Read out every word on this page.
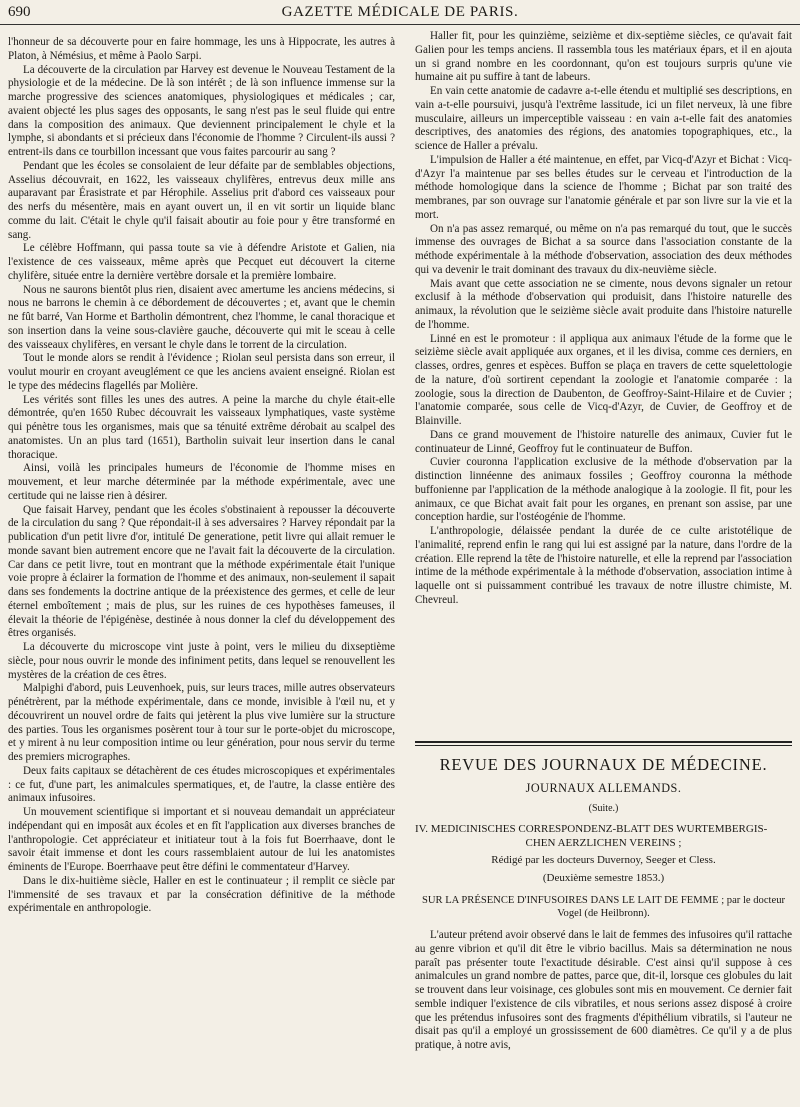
690	GAZETTE MÉDICALE DE PARIS.

l'honneur de sa découverte pour en faire hommage, les uns à Hippocrate, les autres à Platon, à Némésius, et même à Paolo Sarpi.

La découverte de la circulation par Harvey est devenue le Nouveau Testament de la physiologie et de la médecine. De là son intérêt ; de là son influence immense sur la marche progressive des sciences anatomiques, physiologiques et médicales ; car, avaient objecté les plus sages des opposants, le sang n'est pas le seul fluide qui entre dans la composition des animaux. Que deviennent principalement le chyle et la lymphe, si abondants et si précieux dans l'économie de l'homme ? Circulent-ils aussi ? entrent-ils dans ce tourbillon incessant que vous faites parcourir au sang ?

Pendant que les écoles se consolaient de leur défaite par de semblables objections, Asselius découvrait, en 1622, les vaisseaux chylifères, entrevus deux mille ans auparavant par Érasistrate et par Hérophile. Asselius prit d'abord ces vaisseaux pour des nerfs du mésentère, mais en ayant ouvert un, il en vit sortir un liquide blanc comme du lait. C'était le chyle qu'il faisait aboutir au foie pour y être transformé en sang.

Le célèbre Hoffmann, qui passa toute sa vie à défendre Aristote et Galien, nia l'existence de ces vaisseaux, même après que Pecquet eut découvert la citerne chylifère, située entre la dernière vertèbre dorsale et la première lombaire.

Nous ne saurons bientôt plus rien, disaient avec amertume les anciens médecins, si nous ne barrons le chemin à ce débordement de découvertes ; et, avant que le chemin ne fût barré, Van Horme et Bartholin démontrent, chez l'homme, le canal thoracique et son insertion dans la veine sous-clavière gauche, découverte qui mit le sceau à celle des vaisseaux chylifères, en versant le chyle dans le torrent de la circulation.

Tout le monde alors se rendit à l'évidence ; Riolan seul persista dans son erreur, il voulut mourir en croyant aveuglément ce que les anciens avaient enseigné. Riolan est le type des médecins flagellés par Molière.

Les vérités sont filles les unes des autres. A peine la marche du chyle était-elle démontrée, qu'en 1650 Rubec découvrait les vaisseaux lymphatiques, vaste système qui pénètre tous les organismes, mais que sa ténuité extrême dérobait au scalpel des anatomistes. Un an plus tard (1651), Bartholin suivait leur insertion dans le canal thoracique.

Ainsi, voilà les principales humeurs de l'économie de l'homme mises en mouvement, et leur marche déterminée par la méthode expérimentale, avec une certitude qui ne laisse rien à désirer.

Que faisait Harvey, pendant que les écoles s'obstinaient à repousser la découverte de la circulation du sang ? Que répondait-il à ses adversaires ? Harvey répondait par la publication d'un petit livre d'or, intitulé De generatione, petit livre qui allait remuer le monde savant bien autrement encore que ne l'avait fait la découverte de la circulation. Car dans ce petit livre, tout en montrant que la méthode expérimentale était l'unique voie propre à éclairer la formation de l'homme et des animaux, non-seulement il sapait dans ses fondements la doctrine antique de la préexistence des germes, et celle de leur éternel emboîtement ; mais de plus, sur les ruines de ces hypothèses fameuses, il élevait la théorie de l'épigénèse, destinée à nous donner la clef du développement des êtres organisés.

La découverte du microscope vint juste à point, vers le milieu du dixseptième siècle, pour nous ouvrir le monde des infiniment petits, dans lequel se renouvellent les mystères de la création de ces êtres.

Malpighi d'abord, puis Leuvenhoek, puis, sur leurs traces, mille autres observateurs pénétrèrent, par la méthode expérimentale, dans ce monde, invisible à l'œil nu, et y découvrirent un nouvel ordre de faits qui jetèrent la plus vive lumière sur la structure des parties. Tous les organismes posèrent tour à tour sur le porte-objet du microscope, et y mirent à nu leur composition intime ou leur génération, pour nous servir du terme des premiers micrographes.

Deux faits capitaux se détachèrent de ces études microscopiques et expérimentales : ce fut, d'une part, les animalcules spermatiques, et, de l'autre, la classe entière des animaux infusoires.

Un mouvement scientifique si important et si nouveau demandait un appréciateur indépendant qui en imposât aux écoles et en fît l'application aux diverses branches de l'anthropologie. Cet appréciateur et initiateur tout à la fois fut Boerrhaave, dont le savoir était immense et dont les cours rassemblaient autour de lui les anatomistes éminents de l'Europe. Boerrhaave peut être défini le commentateur d'Harvey.

Dans le dix-huitième siècle, Haller en est le continuateur ; il remplit ce siècle par l'immensité de ses travaux et par la consécration définitive de la méthode expérimentale en anthropologie.

Haller fit, pour les quinzième, seizième et dix-septième siècles, ce qu'avait fait Galien pour les temps anciens. Il rassembla tous les matériaux épars, et il en ajouta un si grand nombre en les coordonnant, qu'on est toujours surpris qu'une vie humaine ait pu suffire à tant de labeurs.

En vain cette anatomie de cadavre a-t-elle étendu et multiplié ses descriptions, en vain a-t-elle poursuivi, jusqu'à l'extrême lassitude, ici un filet nerveux, là une fibre musculaire, ailleurs un imperceptible vaisseau : en vain a-t-elle fait des anatomies descriptives, des anatomies des régions, des anatomies topographiques, etc., la science de Haller a prévalu.

L'impulsion de Haller a été maintenue, en effet, par Vicq-d'Azyr et Bichat : Vicq-d'Azyr l'a maintenue par ses belles études sur le cerveau et l'introduction de la méthode homologique dans la science de l'homme ; Bichat par son traité des membranes, par son ouvrage sur l'anatomie générale et par son livre sur la vie et la mort.

On n'a pas assez remarqué, ou même on n'a pas remarqué du tout, que le succès immense des ouvrages de Bichat a sa source dans l'association constante de la méthode expérimentale à la méthode d'observation, association des deux méthodes qui va devenir le trait dominant des travaux du dix-neuvième siècle.

Mais avant que cette association ne se cimente, nous devons signaler un retour exclusif à la méthode d'observation qui produisit, dans l'histoire naturelle des animaux, la révolution que le seizième siècle avait produite dans l'histoire naturelle de l'homme.

Linné en est le promoteur : il appliqua aux animaux l'étude de la forme que le seizième siècle avait appliquée aux organes, et il les divisa, comme ces derniers, en classes, ordres, genres et espèces. Buffon se plaça en travers de cette squelettologie de la nature, d'où sortirent cependant la zoologie et l'anatomie comparée : la zoologie, sous la direction de Daubenton, de Geoffroy-Saint-Hilaire et de Cuvier ; l'anatomie comparée, sous celle de Vicq-d'Azyr, de Cuvier, de Geoffroy et de Blainville.

Dans ce grand mouvement de l'histoire naturelle des animaux, Cuvier fut le continuateur de Linné, Geoffroy fut le continuateur de Buffon.

Cuvier couronna l'application exclusive de la méthode d'observation par la distinction linnéenne des animaux fossiles ; Geoffroy couronna la méthode buffonienne par l'application de la méthode analogique à la zoologie. Il fit, pour les animaux, ce que Bichat avait fait pour les organes, en prenant son assise, par une conception hardie, sur l'ostéogénie de l'homme.

L'anthropologie, délaissée pendant la durée de ce culte aristotélique de l'animalité, reprend enfin le rang qui lui est assigné par la nature, dans l'ordre de la création. Elle reprend la tête de l'histoire naturelle, et elle la reprend par l'association intime de la méthode expérimentale à la méthode d'observation, association intime à laquelle ont si puissamment contribué les travaux de notre illustre chimiste, M. Chevreul.

REVUE DES JOURNAUX DE MÉDECINE.
JOURNAUX ALLEMANDS.
(Suite.)
IV. MEDICINISCHES CORRESPONDENZ-BLATT DES WURTEMBERGIS-
CHEN AERZLICHEN VEREINS ;
Rédigé par les docteurs Duvernoy, Seeger et Cless.
(Deuxième semestre 1853.)
SUR LA PRÉSENCE D'INFUSOIRES DANS LE LAIT DE FEMME ; par le docteur
Vogel (de Heilbronn).

L'auteur prétend avoir observé dans le lait de femmes des infusoires qu'il rattache au genre vibrion et qu'il dit être le vibrio bacillus. Mais sa détermination ne nous paraît pas présenter toute l'exactitude désirable. C'est ainsi qu'il suppose à ces animalcules un grand nombre de pattes, parce que, dit-il, lorsque ces globules du lait se trouvent dans leur voisinage, ces globules sont mis en mouvement. Ce dernier fait semble indiquer l'existence de cils vibratiles, et nous serions assez disposé à croire que les prétendus infusoires sont des fragments d'épithélium vibratils, si l'auteur ne disait pas qu'il a employé un grossissement de 600 diamètres. Ce qu'il y a de plus pratique, à notre avis,
